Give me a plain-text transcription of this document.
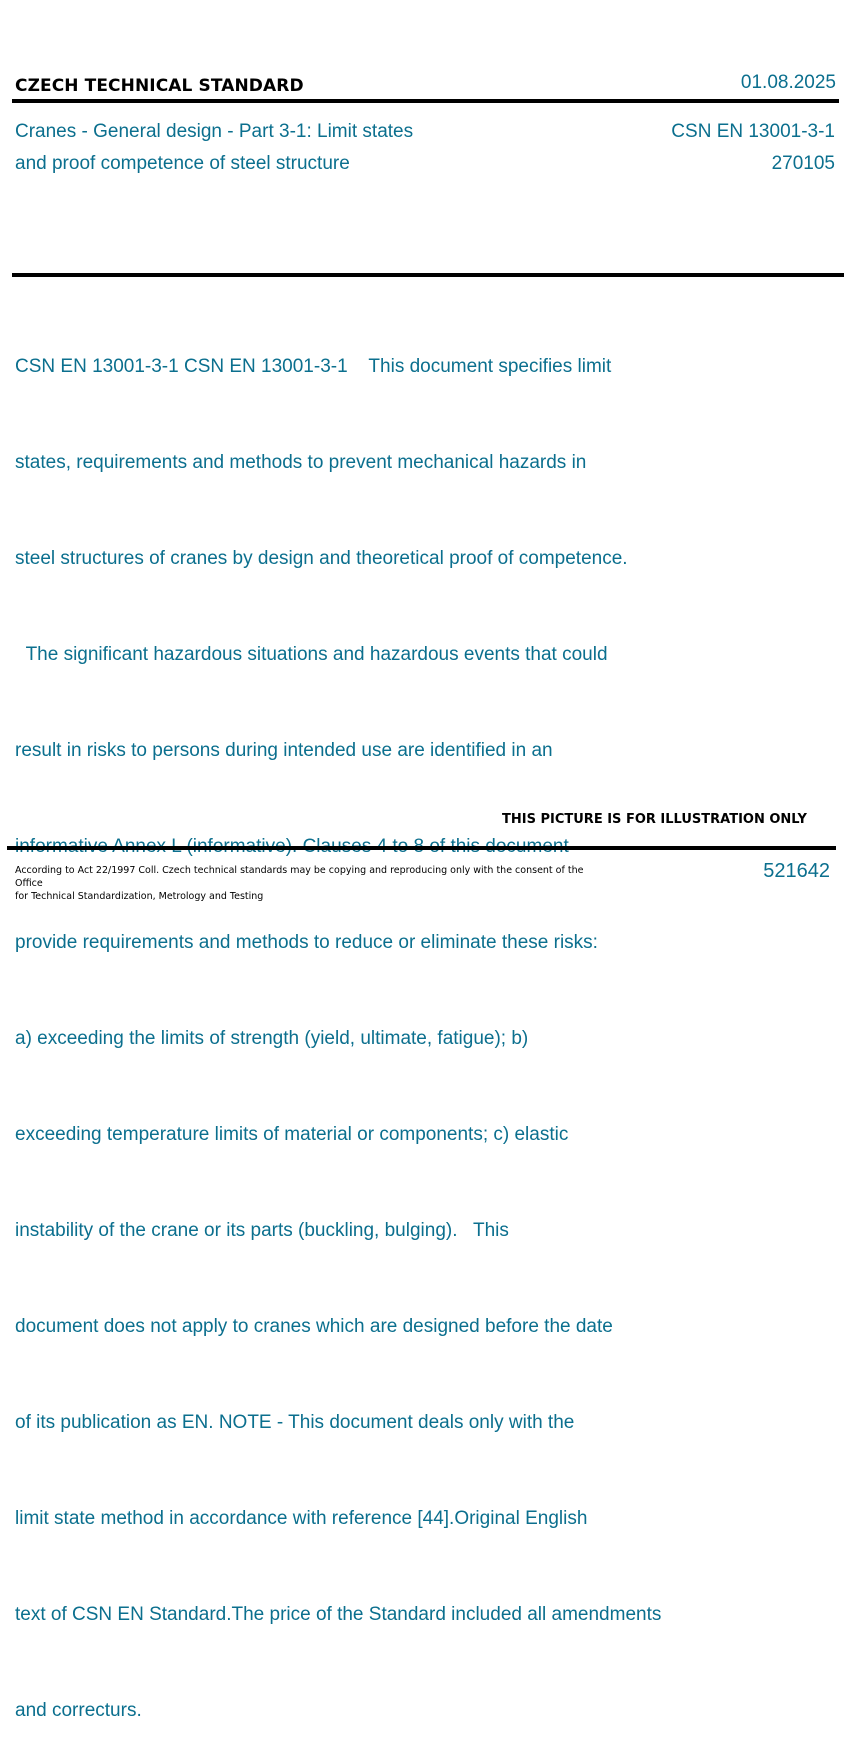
CZECH TECHNICAL STANDARD	01.08.2025
Cranes - General design - Part 3-1: Limit states
and proof competence of steel structure
CSN EN 13001-3-1
270105

CSN EN 13001-3-1 CSN EN 13001-3-1    This document specifies limit

states, requirements and methods to prevent mechanical hazards in

steel structures of cranes by design and theoretical proof of competence.

The significant hazardous situations and hazardous events that could

result in risks to persons during intended use are identified in an

provide requirements and methods to reduce or eliminate these risks:

a) exceeding the limits of strength (yield, ultimate, fatigue); b)

exceeding temperature limits of material or components; c) elastic

instability of the crane or its parts (buckling, bulging).   This

document does not apply to cranes which are designed before the date

of its publication as EN. NOTE - This document deals only with the

limit state method in accordance with reference [44].Original English

text of CSN EN Standard.The price of the Standard included all amendments

and correcturs.

THIS PICTURE IS FOR ILLUSTRATION ONLY
According to Act 22/1997 Coll. Czech technical standards may be copying and reproducing only with the consent of the Office
for Technical Standardization, Metrology and Testing
521642
